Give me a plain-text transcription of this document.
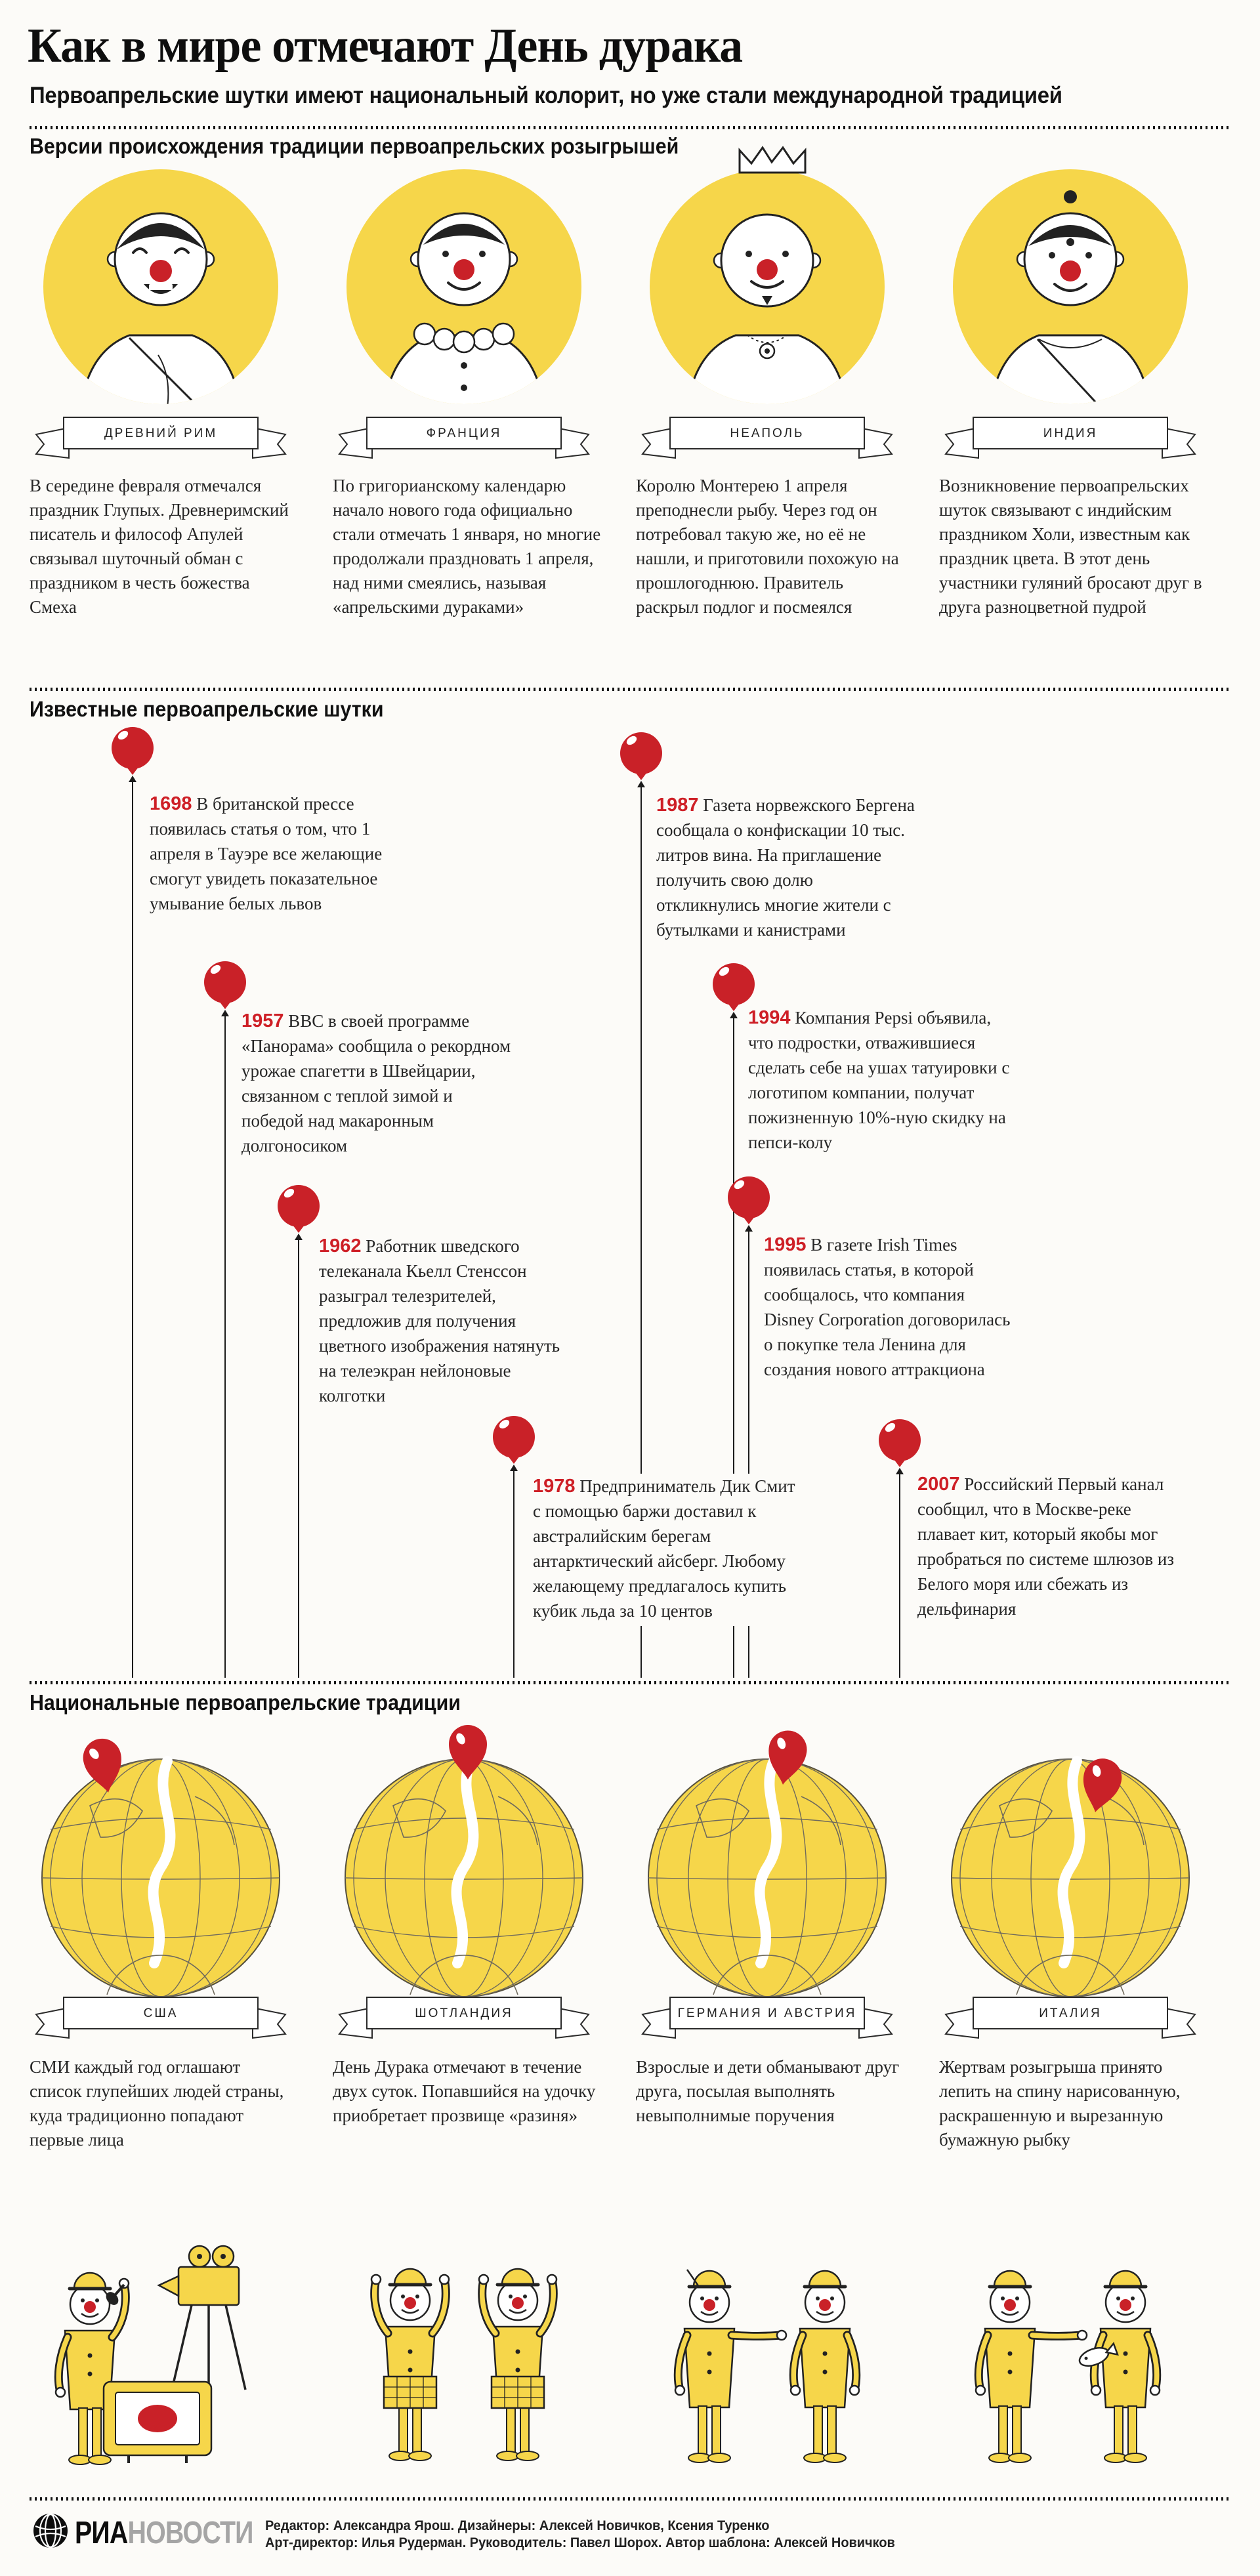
Как в мире отмечают День дурака
Первоапрельские шутки имеют национальный колорит, но уже стали международной традицией
Версии происхождения традиции первоапрельских розыгрышей
ДРЕВНИЙ РИМ	ФРАНЦИЯ	НЕАПОЛЬ	ИНДИЯ
В середине февраля отмечался праздник Глупых. Древнеримский писатель и философ Апулей связывал шуточный обман с праздником в честь божества Смеха
По григорианскому календарю начало нового года официально стали отмечать 1 января, но многие продолжали праздновать 1 апреля, над ними смеялись, называя «апрельскими дураками»
Королю Монтерею 1 апреля преподнесли рыбу. Через год он потребовал такую же, но её не нашли, и приготовили похожую на прошлогоднюю. Правитель раскрыл подлог и посмеялся
Возникновение первоапрельских шуток связывают с индийским праздником Холи, известным как праздник цвета. В этот день участники гуляний бросают друг в друга разноцветной пудрой
Известные первоапрельские шутки
1698 В британской прессе появилась статья о том, что 1 апреля в Тауэре все желающие смогут увидеть показательное умывание белых львов
1957 BBC в своей программе «Панорама» сообщила о рекордном урожае спагетти в Швейцарии, связанном с теплой зимой и победой над макаронным долгоносиком
1962 Работник шведского телеканала Кьелл Стенссон разыграл телезрителей, предложив для получения цветного изображения натянуть на телеэкран нейлоновые колготки
1978 Предприниматель Дик Смит с помощью баржи доставил к австралийским берегам антарктический айсберг. Любому желающему предлагалось купить кубик льда за 10 центов
1987 Газета норвежского Бергена сообщала о конфискации 10 тыс. литров вина. На приглашение получить свою долю откликнулись многие жители с бутылками и канистрами
1994 Компания Pepsi объявила, что подростки, отважившиеся сделать себе на ушах татуировки с логотипом компании, получат пожизненную 10%-ную скидку на пепси-колу
1995 В газете Irish Times появилась статья, в которой сообщалось, что компания Disney Corporation договорилась о покупке тела Ленина для создания нового аттракциона
2007 Российский Первый канал сообщил, что в Москве-реке плавает кит, который якобы мог пробраться по системе шлюзов из Белого моря или сбежать из дельфинария
Национальные первоапрельские традиции
США	ШОТЛАНДИЯ	ГЕРМАНИЯ И АВСТРИЯ	ИТАЛИЯ
СМИ каждый год оглашают список глупейших людей страны, куда традиционно попадают первые лица
День Дурака отмечают в течение двух суток. Попавшийся на удочку приобретает прозвище «разиня»
Взрослые и дети обманывают друг друга, посылая выполнять невыполнимые поручения
Жертвам розыгрыша принято лепить на спину нарисованную, раскрашенную и вырезанную бумажную рыбку
РИАНОВОСТИ Редактор: Александра Ярош. Дизайнеры: Алексей Новичков, Ксения Туренко
Арт-директор: Илья Рудерман. Руководитель: Павел Шорох. Автор шаблона: Алексей Новичков
